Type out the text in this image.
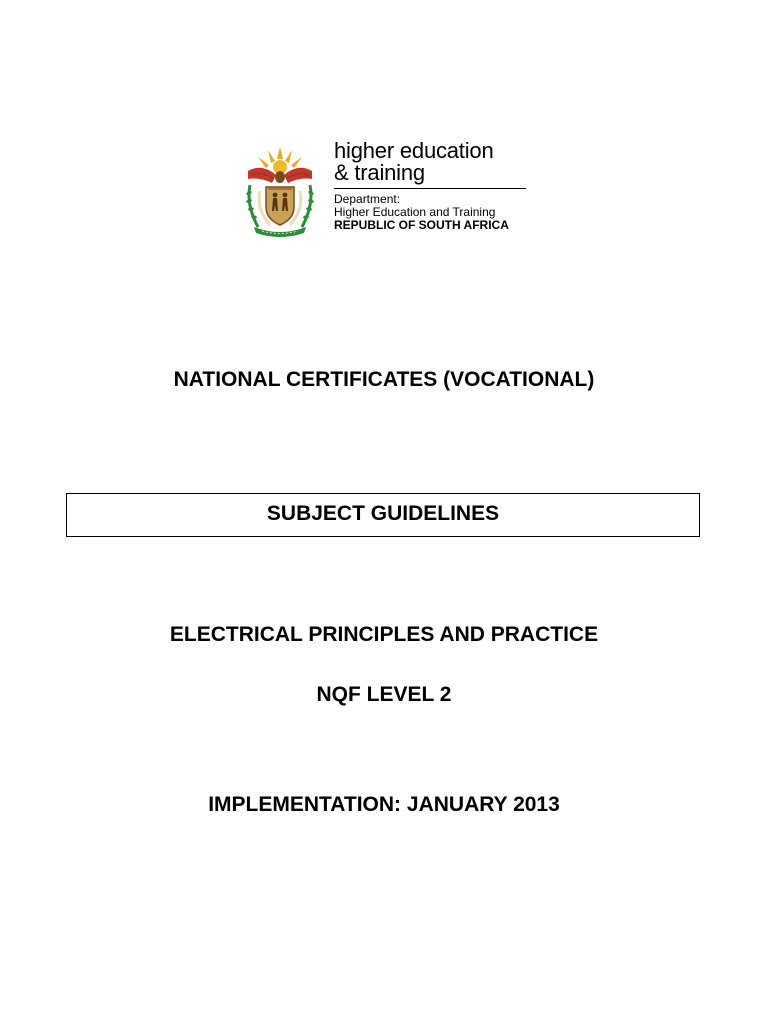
higher education
& training
Department:
Higher Education and Training
REPUBLIC OF SOUTH AFRICA
NATIONAL CERTIFICATES (VOCATIONAL)
SUBJECT GUIDELINES
ELECTRICAL PRINCIPLES AND PRACTICE
NQF LEVEL 2
IMPLEMENTATION: JANUARY 2013
